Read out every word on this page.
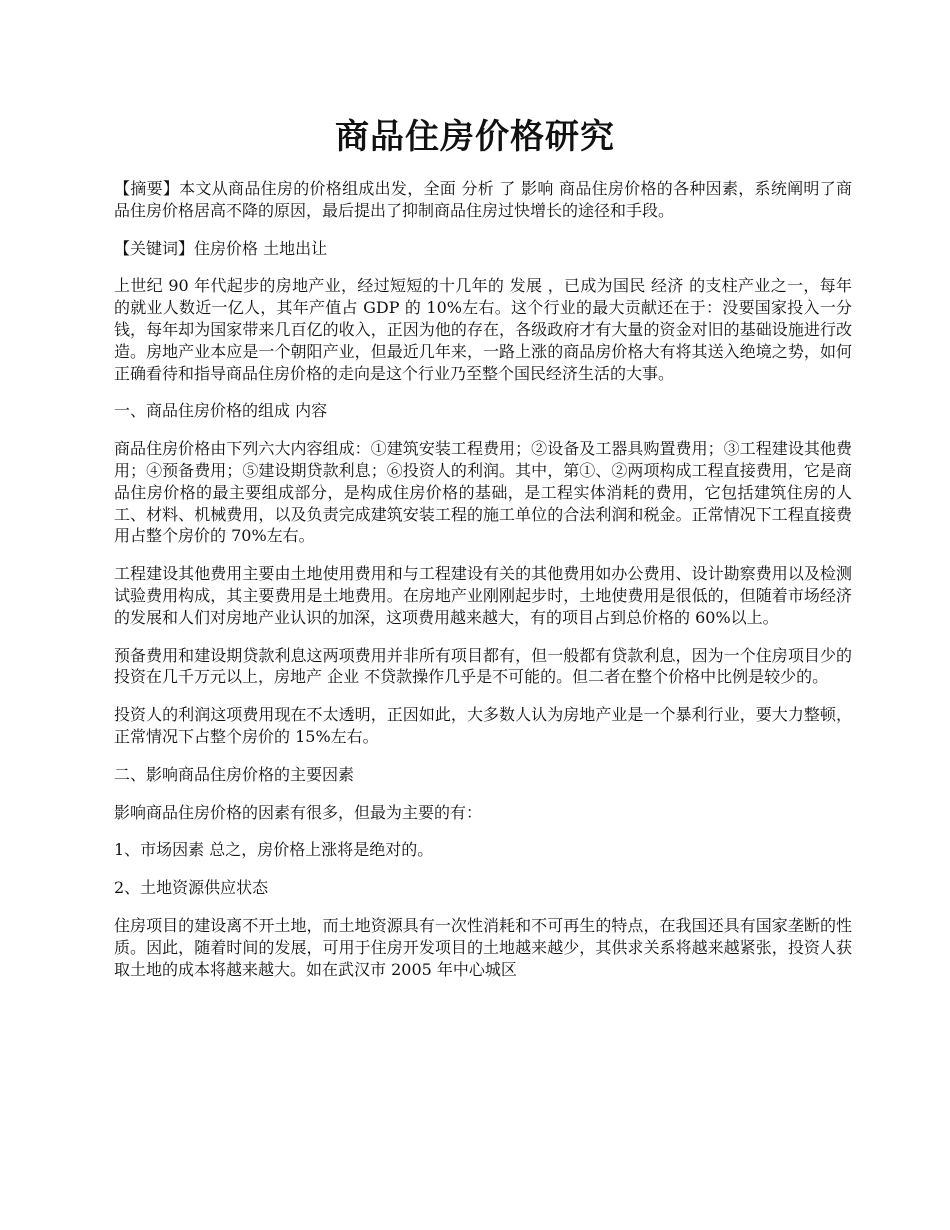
商品住房价格研究

【摘要】本文从商品住房的价格组成出发，全面 分析 了 影响 商品住房价格的各种因素，系统阐明了商品住房价格居高不降的原因，最后提出了抑制商品住房过快增长的途径和手段。

【关键词】住房价格 土地出让

上世纪 90 年代起步的房地产业，经过短短的十几年的 发展 ，已成为国民 经济 的支柱产业之一，每年的就业人数近一亿人，其年产值占 GDP 的 10%左右。这个行业的最大贡献还在于：没要国家投入一分钱，每年却为国家带来几百亿的收入，正因为他的存在，各级政府才有大量的资金对旧的基础设施进行改造。房地产业本应是一个朝阳产业，但最近几年来，一路上涨的商品房价格大有将其送入绝境之势，如何正确看待和指导商品住房价格的走向是这个行业乃至整个国民经济生活的大事。

一、商品住房价格的组成 内容

商品住房价格由下列六大内容组成：①建筑安装工程费用；②设备及工器具购置费用；③工程建设其他费用；④预备费用；⑤建设期贷款利息；⑥投资人的利润。其中，第①、②两项构成工程直接费用，它是商品住房价格的最主要组成部分，是构成住房价格的基础，是工程实体消耗的费用，它包括建筑住房的人工、材料、机械费用，以及负责完成建筑安装工程的施工单位的合法利润和税金。正常情况下工程直接费用占整个房价的 70%左右。

工程建设其他费用主要由土地使用费用和与工程建设有关的其他费用如办公费用、设计勘察费用以及检测试验费用构成，其主要费用是土地费用。在房地产业刚刚起步时，土地使费用是很低的，但随着市场经济的发展和人们对房地产业认识的加深，这项费用越来越大，有的项目占到总价格的 60%以上。

预备费用和建设期贷款利息这两项费用并非所有项目都有，但一般都有贷款利息，因为一个住房项目少的投资在几千万元以上，房地产 企业 不贷款操作几乎是不可能的。但二者在整个价格中比例是较少的。

投资人的利润这项费用现在不太透明，正因如此，大多数人认为房地产业是一个暴利行业，要大力整顿，正常情况下占整个房价的 15%左右。

二、影响商品住房价格的主要因素

影响商品住房价格的因素有很多，但最为主要的有：

1、市场因素 总之，房价格上涨将是绝对的。

2、土地资源供应状态

住房项目的建设离不开土地，而土地资源具有一次性消耗和不可再生的特点，在我国还具有国家垄断的性质。因此，随着时间的发展，可用于住房开发项目的土地越来越少，其供求关系将越来越紧张，投资人获取土地的成本将越来越大。如在武汉市 2005 年中心城区
